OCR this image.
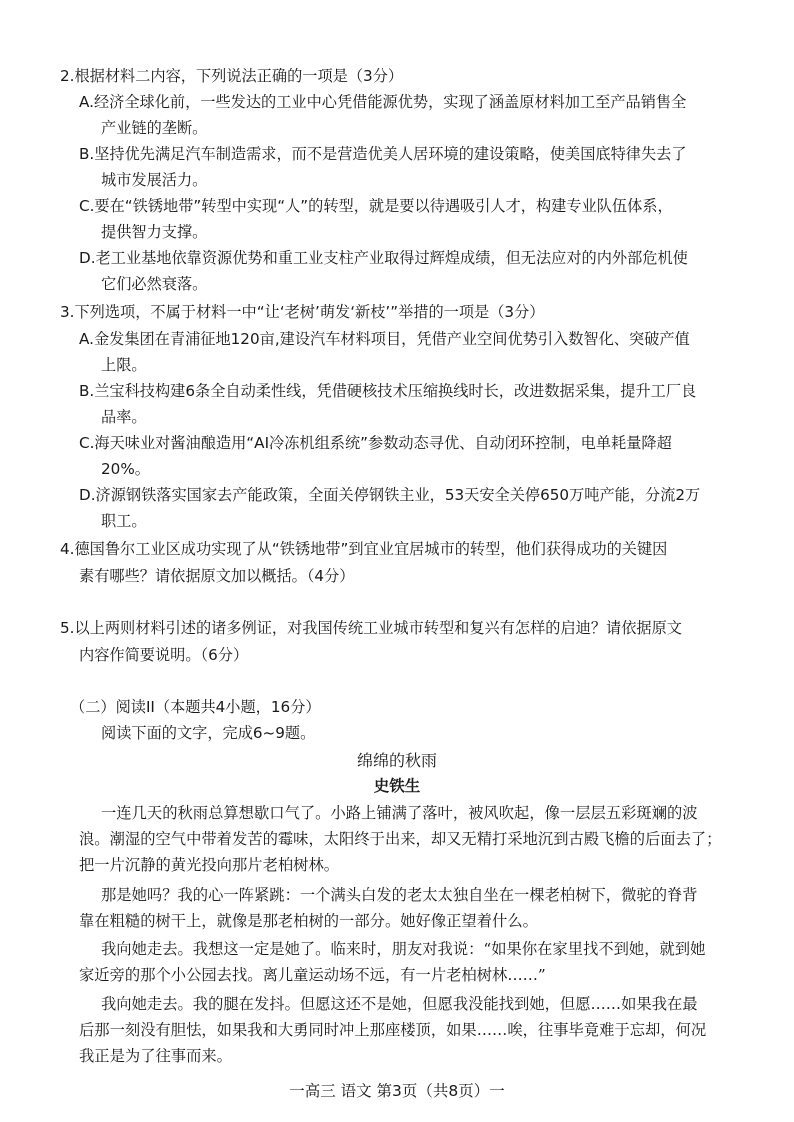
2.根据材料二内容，下列说法正确的一项是（3分）
A.经济全球化前，一些发达的工业中心凭借能源优势，实现了涵盖原材料加工至产品销售全
产业链的垄断。
B.坚持优先满足汽车制造需求，而不是营造优美人居环境的建设策略，使美国底特律失去了
城市发展活力。
C.要在“铁锈地带”转型中实现“人”的转型，就是要以待遇吸引人才，构建专业队伍体系，
提供智力支撑。
D.老工业基地依靠资源优势和重工业支柱产业取得过辉煌成绩，但无法应对的内外部危机使
它们必然衰落。
3.下列选项，不属于材料一中“让‘老树’萌发‘新枝’”举措的一项是（3分）
A.金发集团在青浦征地120亩,建设汽车材料项目，凭借产业空间优势引入数智化、突破产值
上限。
B.兰宝科技构建6条全自动柔性线，凭借硬核技术压缩换线时长，改进数据采集，提升工厂良
品率。
C.海天味业对酱油酿造用“AI冷冻机组系统”参数动态寻优、自动闭环控制，电单耗量降超
20%。
D.济源钢铁落实国家去产能政策，全面关停钢铁主业，53天安全关停650万吨产能，分流2万
职工。
4.德国鲁尔工业区成功实现了从“铁锈地带”到宜业宜居城市的转型，他们获得成功的关键因
素有哪些？请依据原文加以概括。（4分）
5.以上两则材料引述的诸多例证，对我国传统工业城市转型和复兴有怎样的启迪？请依据原文
内容作简要说明。（6分）
（二）阅读II（本题共4小题，16分）
阅读下面的文字，完成6~9题。
绵绵的秋雨
史铁生
一连几天的秋雨总算想歇口气了。小路上铺满了落叶，被风吹起，像一层层五彩斑斓的波
浪。潮湿的空气中带着发苦的霉味，太阳终于出来，却又无精打采地沉到古殿飞檐的后面去了；
把一片沉静的黄光投向那片老柏树林。
那是她吗？我的心一阵紧跳：一个满头白发的老太太独自坐在一棵老柏树下，微驼的脊背
靠在粗糙的树干上，就像是那老柏树的一部分。她好像正望着什么。
我向她走去。我想这一定是她了。临来时，朋友对我说：“如果你在家里找不到她，就到她
家近旁的那个小公园去找。离儿童运动场不远，有一片老柏树林……”
我向她走去。我的腿在发抖。但愿这还不是她，但愿我没能找到她，但愿……如果我在最
后那一刻没有胆怯，如果我和大勇同时冲上那座楼顶，如果……唉，往事毕竟难于忘却，何况
我正是为了往事而来。
一高三 语文 第3页（共8页）一
